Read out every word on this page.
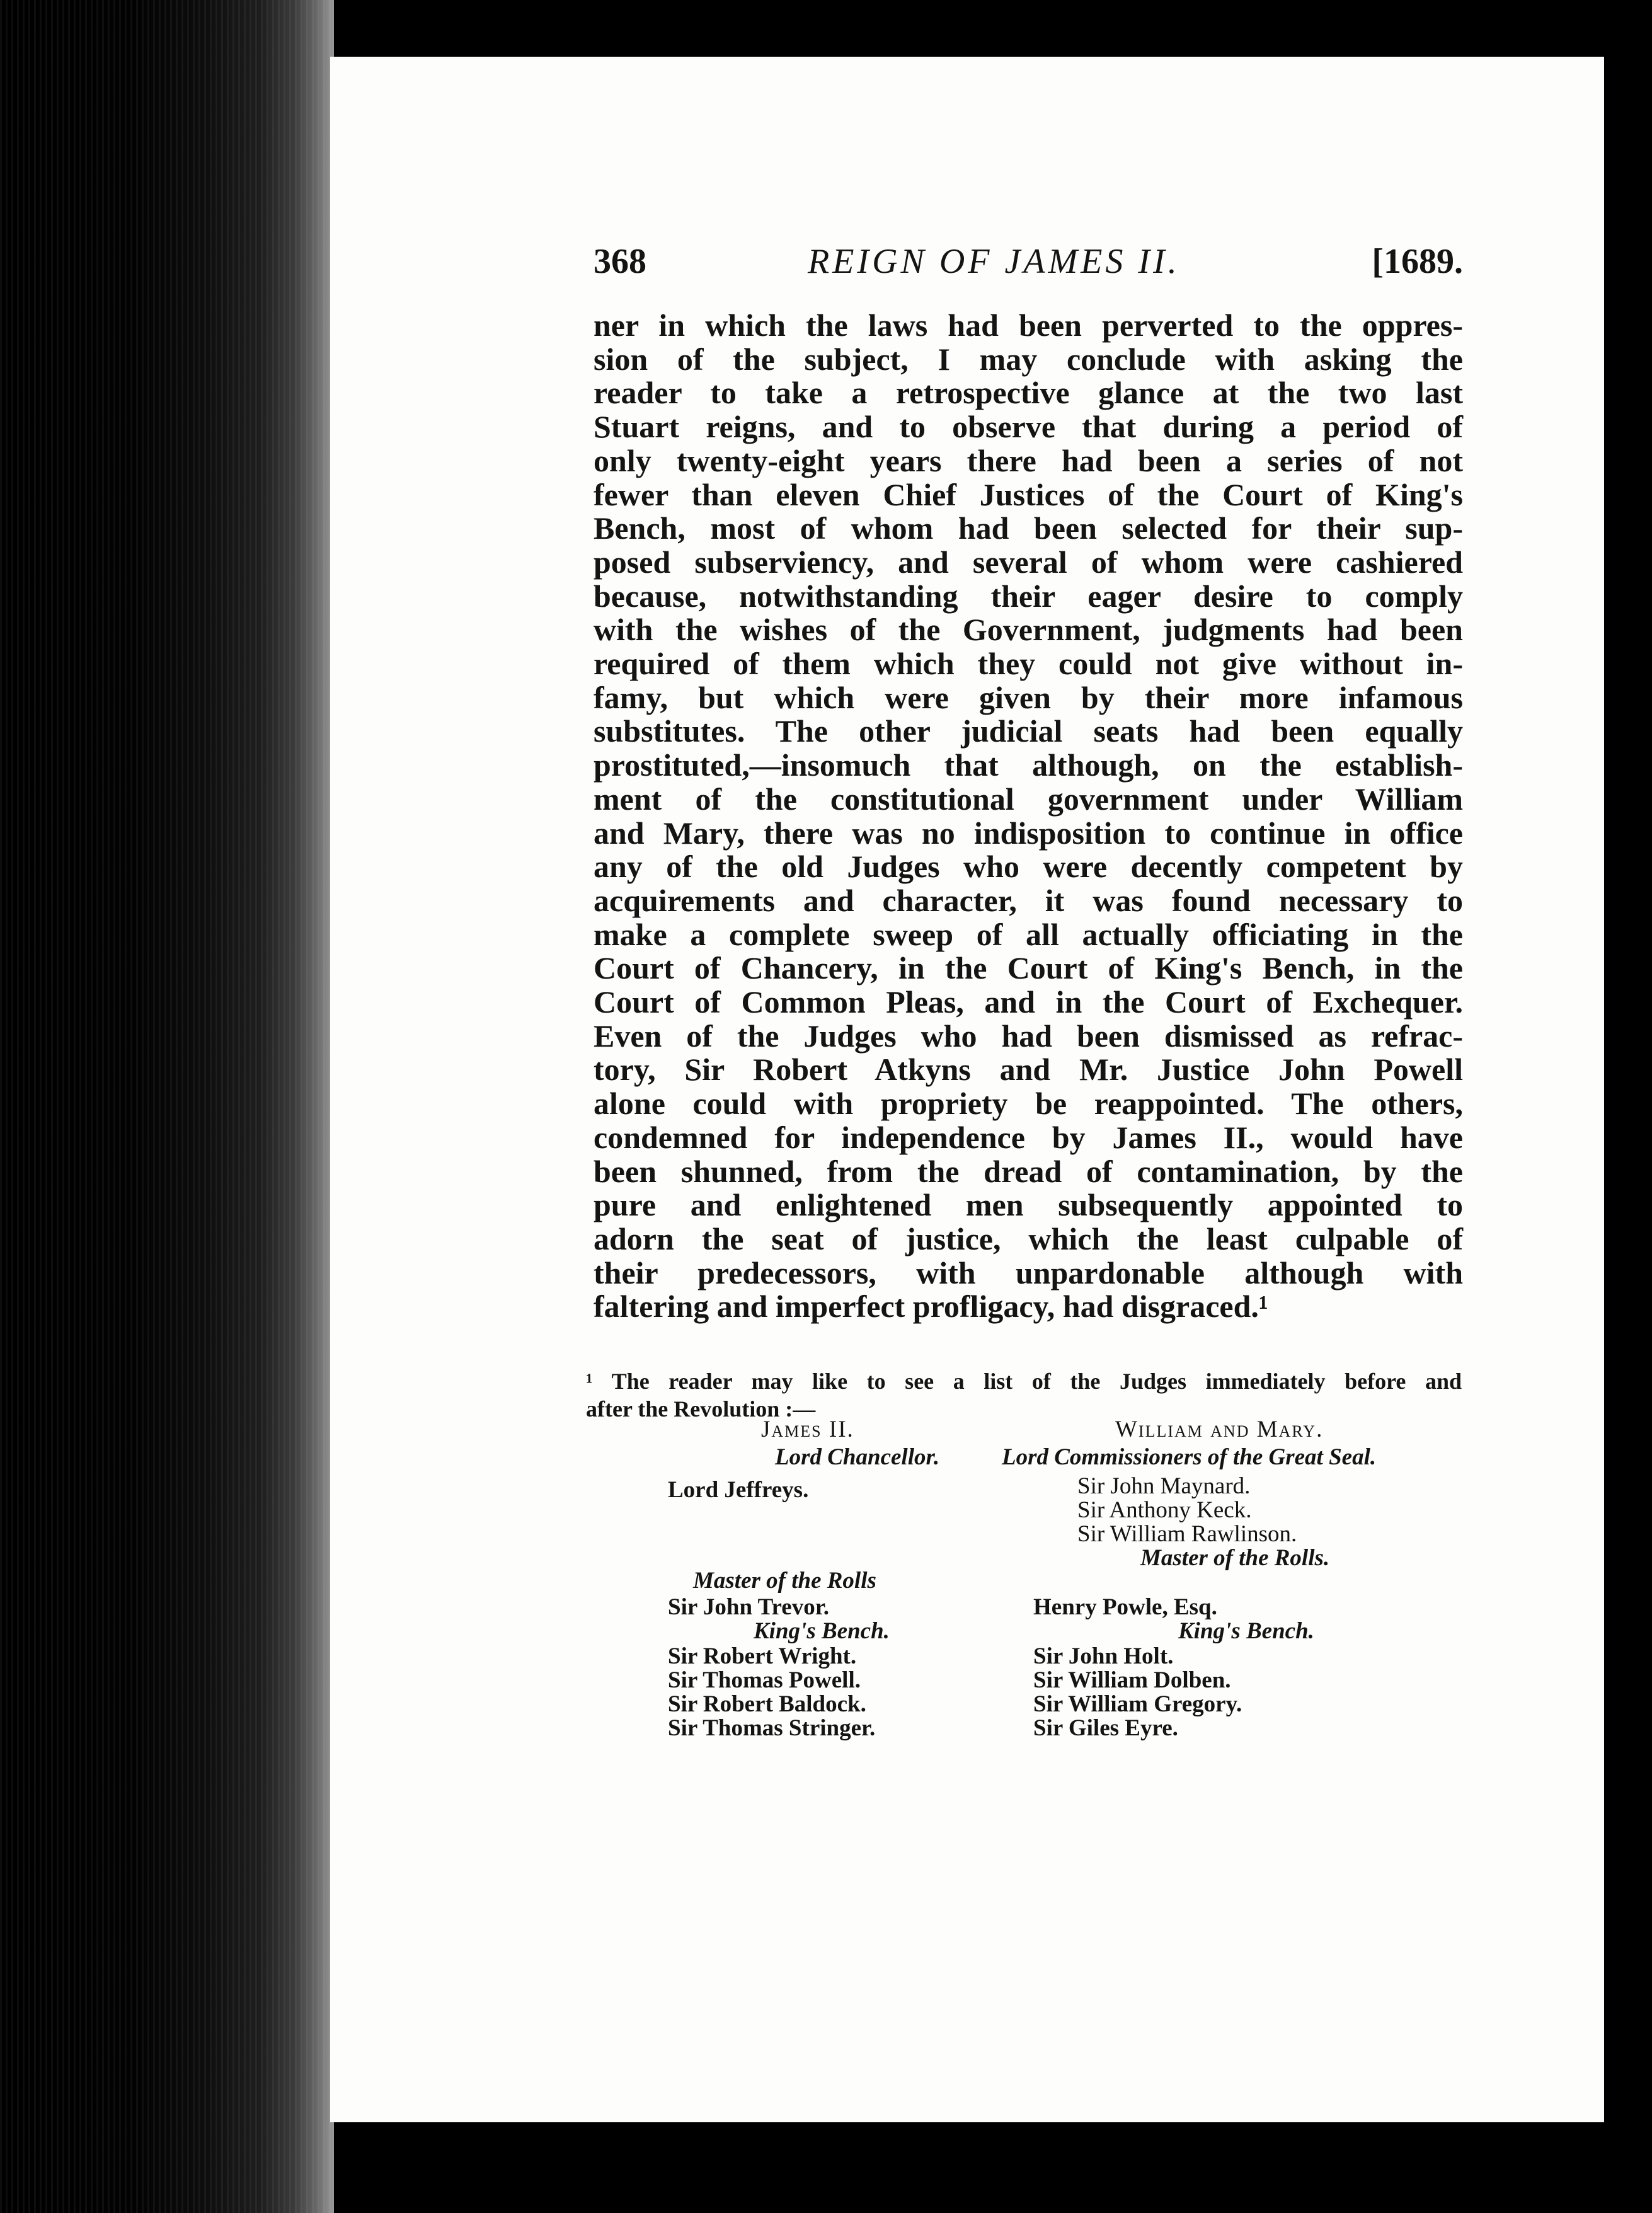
368	REIGN OF JAMES II.	[1689.
ner in which the laws had been perverted to the oppres-
sion of the subject, I may conclude with asking the
reader to take a retrospective glance at the two last
Stuart reigns, and to observe that during a period of
only twenty-eight years there had been a series of not
fewer than eleven Chief Justices of the Court of King's
Bench, most of whom had been selected for their sup-
posed subserviency, and several of whom were cashiered
because, notwithstanding their eager desire to comply
with the wishes of the Government, judgments had been
required of them which they could not give without in-
famy, but which were given by their more infamous
substitutes. The other judicial seats had been equally
prostituted,—insomuch that although, on the establish-
ment of the constitutional government under William
and Mary, there was no indisposition to continue in office
any of the old Judges who were decently competent by
acquirements and character, it was found necessary to
make a complete sweep of all actually officiating in the
Court of Chancery, in the Court of King's Bench, in the
Court of Common Pleas, and in the Court of Exchequer.
Even of the Judges who had been dismissed as refrac-
tory, Sir Robert Atkyns and Mr. Justice John Powell
alone could with propriety be reappointed. The others,
condemned for independence by James II., would have
been shunned, from the dread of contamination, by the
pure and enlightened men subsequently appointed to
adorn the seat of justice, which the least culpable of
their predecessors, with unpardonable although with
faltering and imperfect profligacy, had disgraced.¹
¹ The reader may like to see a list of the Judges immediately before and
after the Revolution :—
James II.
Lord Chancellor.
Lord Jeffreys.
Master of the Rolls
Sir John Trevor.
King's Bench.
Sir Robert Wright.
Sir Thomas Powell.
Sir Robert Baldock.
Sir Thomas Stringer.
William and Mary.
Lord Commissioners of the Great Seal.
Sir John Maynard.
Sir Anthony Keck.
Sir William Rawlinson.
Master of the Rolls.
Henry Powle, Esq.
King's Bench.
Sir John Holt.
Sir William Dolben.
Sir William Gregory.
Sir Giles Eyre.
